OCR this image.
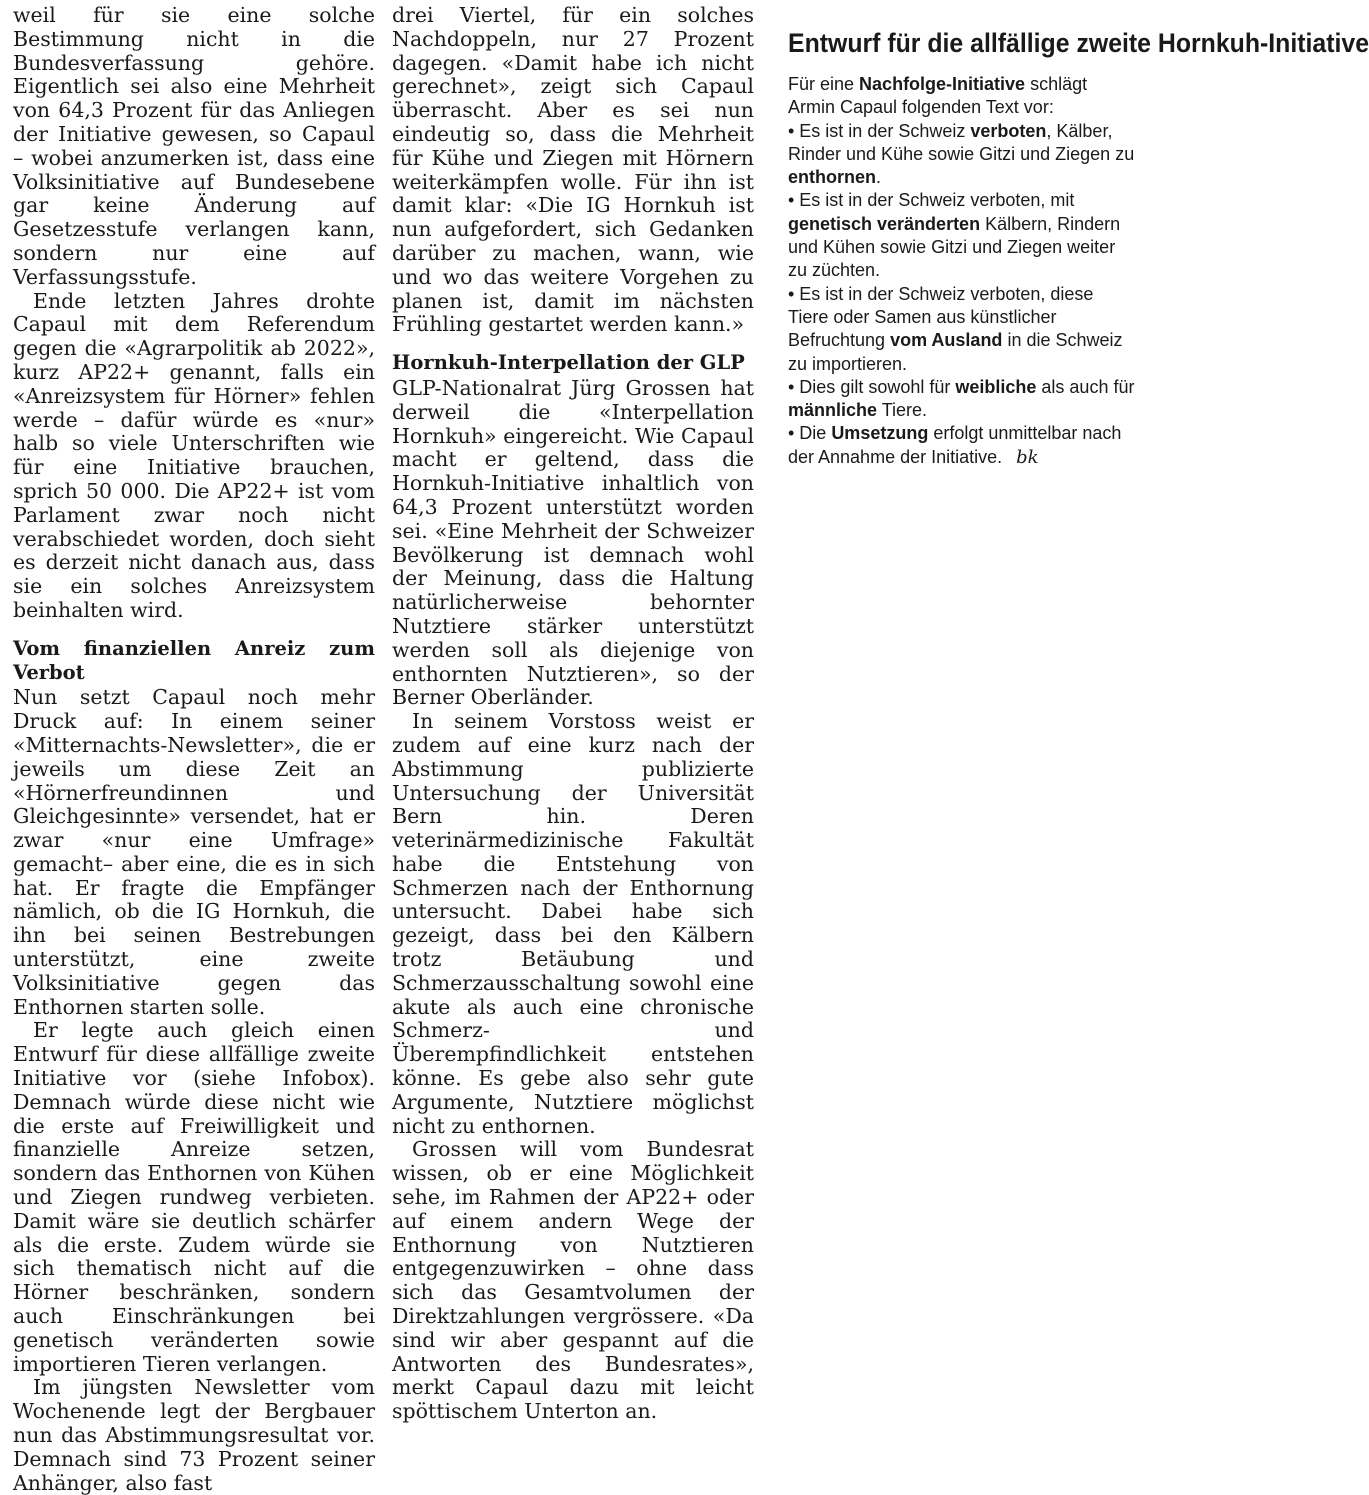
weil für sie eine solche Bestimmung nicht in die Bundesverfassung gehöre. Eigentlich sei also eine Mehrheit von 64,3 Prozent für das Anliegen der Initiative gewesen, so Capaul – wobei anzumerken ist, dass eine Volksinitiative auf Bundesebene gar keine Änderung auf Gesetzesstufe verlangen kann, sondern nur eine auf Verfassungsstufe.

Ende letzten Jahres drohte Capaul mit dem Referendum gegen die «Agrarpolitik ab 2022», kurz AP22+ genannt, falls ein «Anreizsystem für Hörner» fehlen werde – dafür würde es «nur» halb so viele Unterschriften wie für eine Initiative brauchen, sprich 50 000. Die AP22+ ist vom Parlament zwar noch nicht verabschiedet worden, doch sieht es derzeit nicht danach aus, dass sie ein solches Anreizsystem beinhalten wird.

Vom finanziellen Anreiz zum Verbot

Nun setzt Capaul noch mehr Druck auf: In einem seiner «Mitternachts-Newsletter», die er jeweils um diese Zeit an «Hörnerfreundinnen und Gleichgesinnte» versendet, hat er zwar «nur eine Umfrage» gemacht– aber eine, die es in sich hat. Er fragte die Empfänger nämlich, ob die IG Hornkuh, die ihn bei seinen Bestrebungen unterstützt, eine zweite Volksinitiative gegen das Enthornen starten solle.

Er legte auch gleich einen Entwurf für diese allfällige zweite Initiative vor (siehe Infobox). Demnach würde diese nicht wie die erste auf Freiwilligkeit und finanzielle Anreize setzen, sondern das Enthornen von Kühen und Ziegen rundweg verbieten. Damit wäre sie deutlich schärfer als die erste. Zudem würde sie sich thematisch nicht auf die Hörner beschränken, sondern auch Einschränkungen bei genetisch veränderten sowie importieren Tieren verlangen.

Im jüngsten Newsletter vom Wochenende legt der Bergbauer nun das Abstimmungsresultat vor. Demnach sind 73 Prozent seiner Anhänger, also fast

drei Viertel, für ein solches Nachdoppeln, nur 27 Prozent dagegen. «Damit habe ich nicht gerechnet», zeigt sich Capaul überrascht. Aber es sei nun eindeutig so, dass die Mehrheit für Kühe und Ziegen mit Hörnern weiterkämpfen wolle. Für ihn ist damit klar: «Die IG Hornkuh ist nun aufgefordert, sich Gedanken darüber zu machen, wann, wie und wo das weitere Vorgehen zu planen ist, damit im nächsten Frühling gestartet werden kann.»

Hornkuh-Interpellation der GLP

GLP-Nationalrat Jürg Grossen hat derweil die «Interpellation Hornkuh» eingereicht. Wie Capaul macht er geltend, dass die Hornkuh-Initiative inhaltlich von 64,3 Prozent unterstützt worden sei. «Eine Mehrheit der Schweizer Bevölkerung ist demnach wohl der Meinung, dass die Haltung natürlicherweise behornter Nutztiere stärker unterstützt werden soll als diejenige von enthornten Nutztieren», so der Berner Oberländer.

In seinem Vorstoss weist er zudem auf eine kurz nach der Abstimmung publizierte Untersuchung der Universität Bern hin. Deren veterinärmedizinische Fakultät habe die Entstehung von Schmerzen nach der Enthornung untersucht. Dabei habe sich gezeigt, dass bei den Kälbern trotz Betäubung und Schmerzausschaltung sowohl eine akute als auch eine chronische Schmerz- und Überempfindlichkeit entstehen könne. Es gebe also sehr gute Argumente, Nutztiere möglichst nicht zu enthornen.

Grossen will vom Bundesrat wissen, ob er eine Möglichkeit sehe, im Rahmen der AP22+ oder auf einem andern Wege der Enthornung von Nutztieren entgegenzuwirken – ohne dass sich das Gesamtvolumen der Direktzahlungen vergrössere. «Da sind wir aber gespannt auf die Antworten des Bundesrates», merkt Capaul dazu mit leicht spöttischem Unterton an.

Entwurf für die allfällige zweite Hornkuh-Initiative

Für eine Nachfolge-Initiative schlägt Armin Capaul folgenden Text vor:

• Es ist in der Schweiz verboten, Kälber, Rinder und Kühe sowie Gitzi und Ziegen zu enthornen.

• Es ist in der Schweiz verboten, mit genetisch veränderten Kälbern, Rindern und Kühen sowie Gitzi und Ziegen weiter zu züchten.

• Es ist in der Schweiz verboten, diese Tiere oder Samen aus künstlicher Befruchtung vom Ausland in die Schweiz zu importieren.

• Dies gilt sowohl für weibliche als auch für männliche Tiere.

• Die Umsetzung erfolgt unmittelbar nach der Annahme der Initiative. bk
